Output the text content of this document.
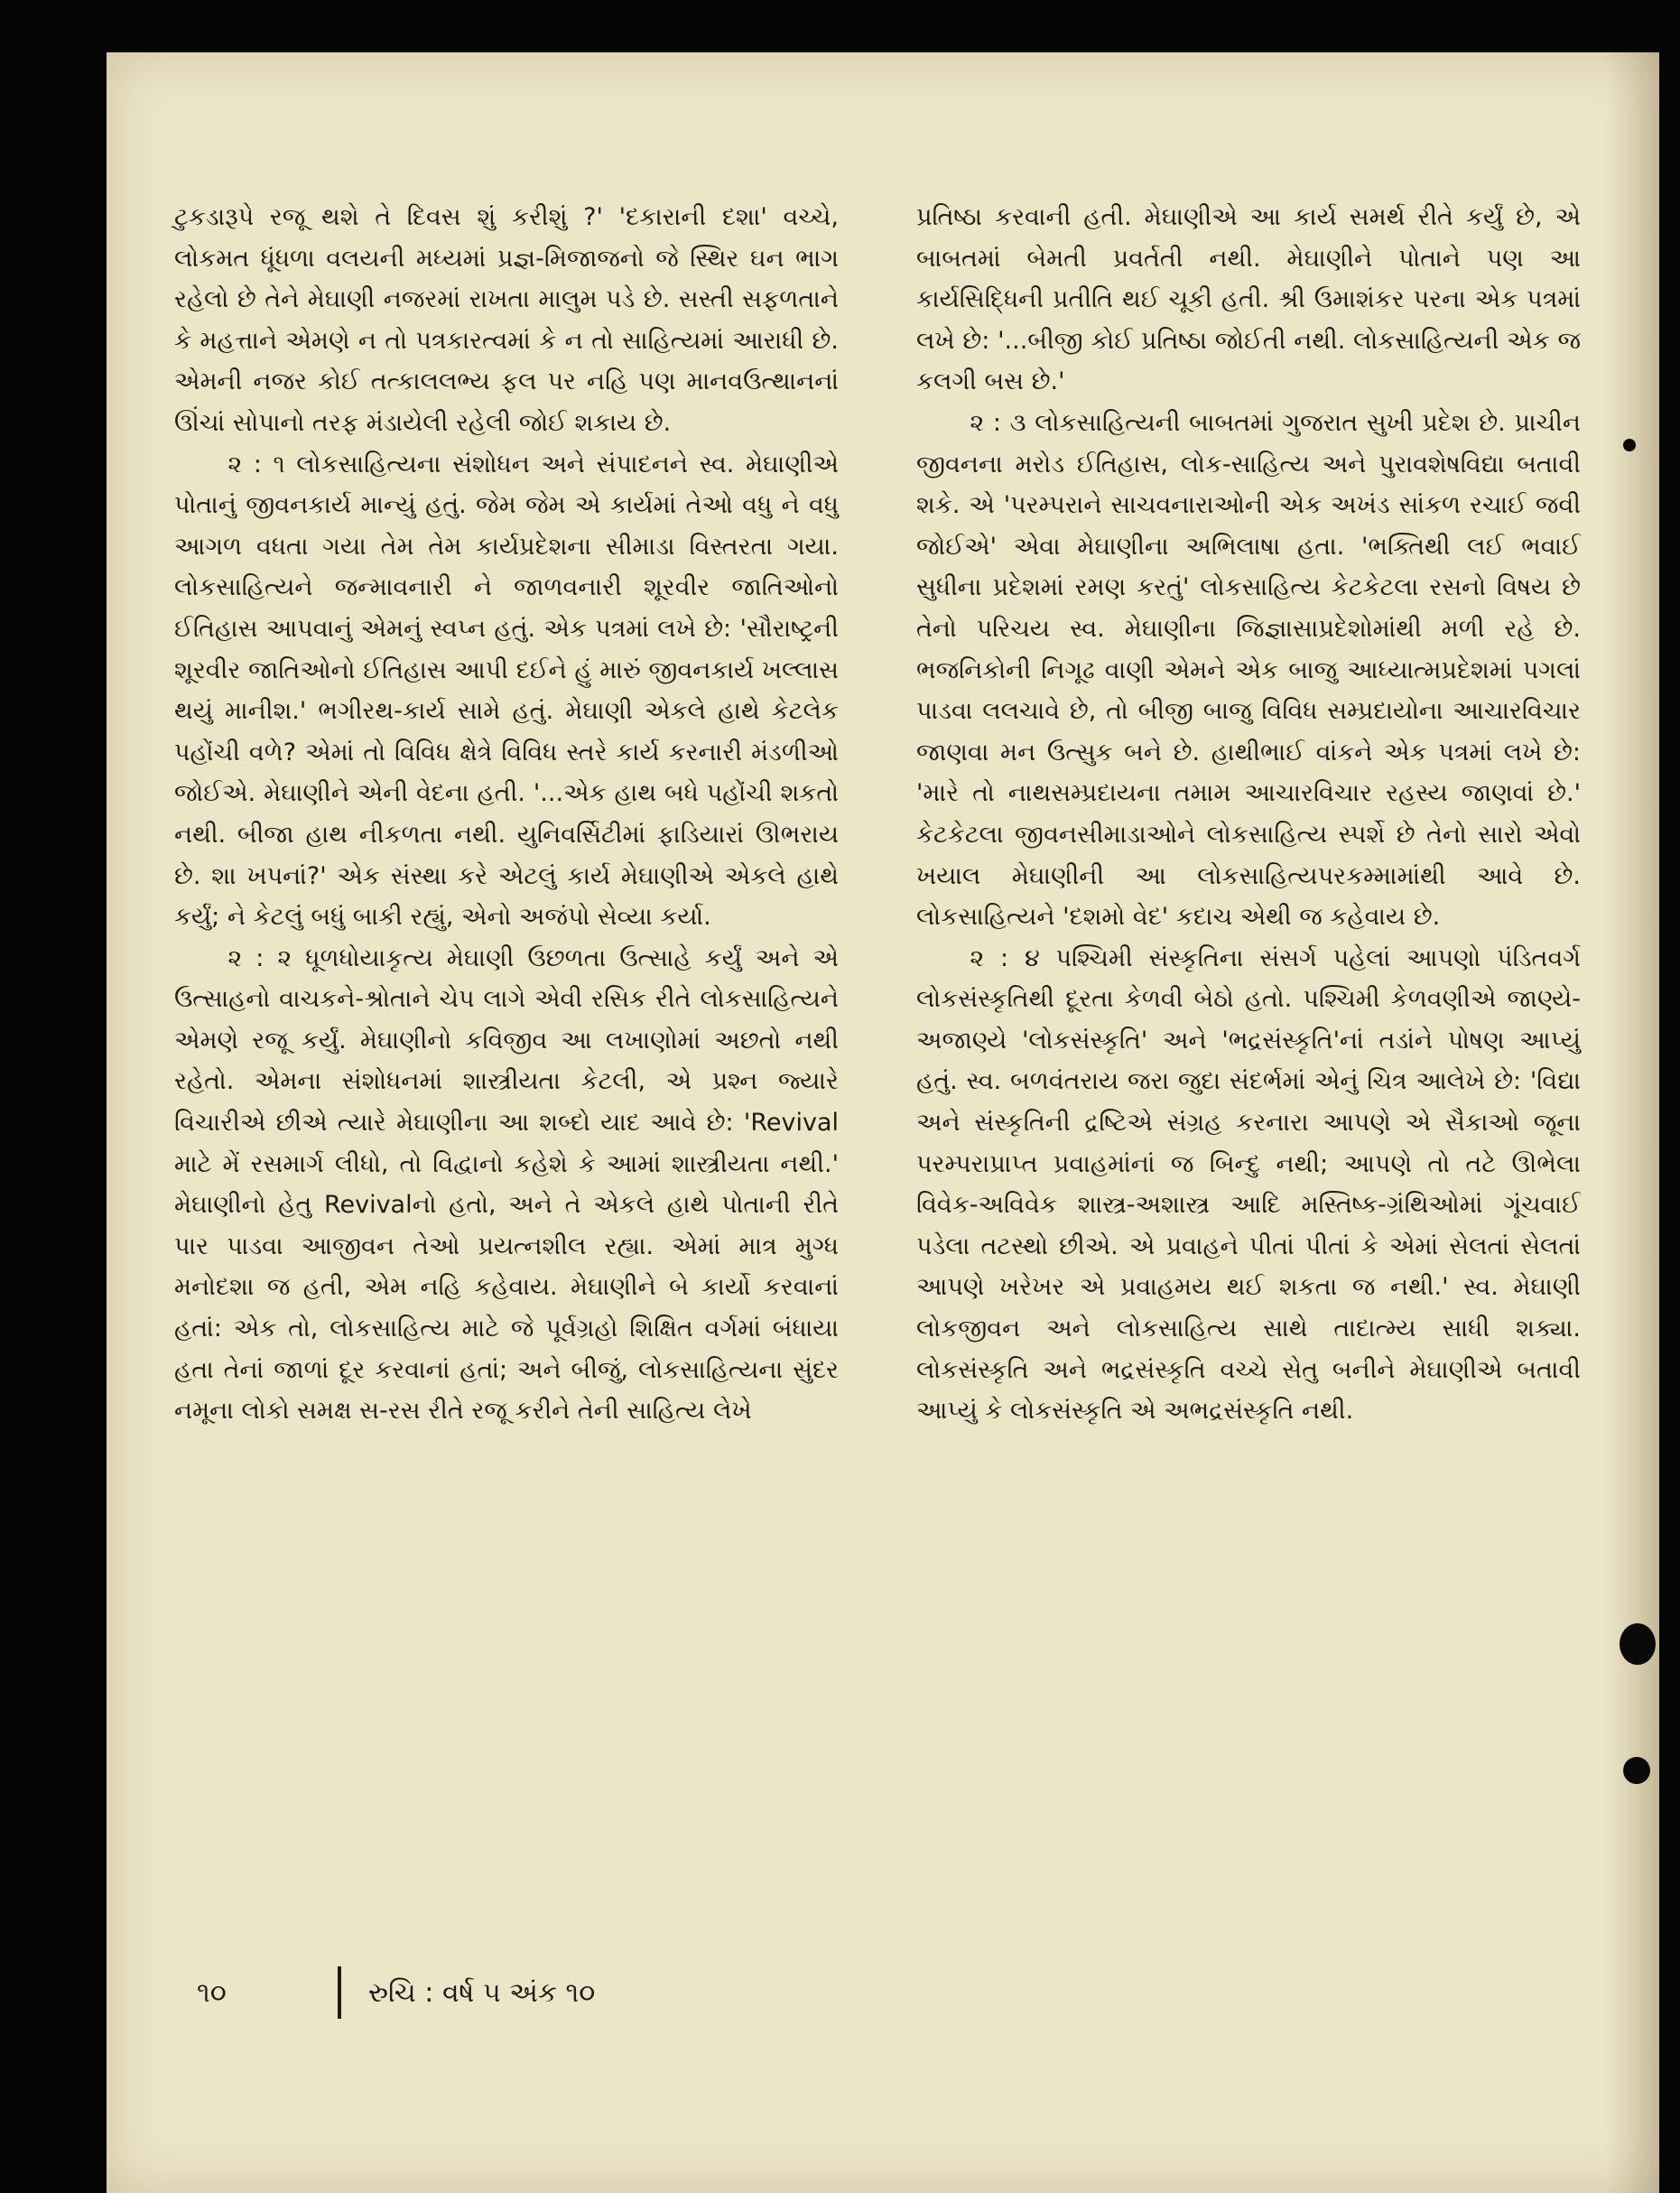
ટુકડારૂપે રજૂ થશે તે દિવસ શું કરીશું ?' 'દકારાની દશા' વચ્ચે, લોકમત ધૂંધળા વલયની મધ્યમાં પ્રજ્ઞ-મિજાજનો જે સ્થિર ઘન ભાગ રહેલો છે તેને મેઘાણી નજરમાં રાખતા માલુમ પડે છે. સસ્તી સફળતાને કે મહત્તાને એમણે ન તો પત્રકારત્વમાં કે ન તો સાહિત્યમાં આરાધી છે. એમની નજર કોઈ તત્કાલલભ્ય ફલ પર નહિ પણ માનવઉત્થાનનાં ઊંચાં સોપાનો તરફ મંડાયેલી રહેલી જોઈ શકાય છે.

૨ : ૧ લોકસાહિત્યના સંશોધન અને સંપાદનને સ્વ. મેઘાણીએ પોતાનું જીવનકાર્ય માન્યું હતું. જેમ જેમ એ કાર્યમાં તેઓ વધુ ને વધુ આગળ વધતા ગયા તેમ તેમ કાર્યપ્રદેશના સીમાડા વિસ્તરતા ગયા. લોકસાહિત્યને જન્માવનારી ને જાળવનારી શૂરવીર જાતિઓનો ઈતિહાસ આપવાનું એમનું સ્વપ્ન હતું. એક પત્રમાં લખે છે: 'સૌરાષ્ટ્રની શૂરવીર જાતિઓનો ઈતિહાસ આપી દઈને હું મારું જીવનકાર્ય ખલ્લાસ થયું માનીશ.' ભગીરથ-કાર્ય સામે હતું. મેઘાણી એકલે હાથે કેટલેક પહોંચી વળે? એમાં તો વિવિધ ક્ષેત્રે વિવિધ સ્તરે કાર્ય કરનારી મંડળીઓ જોઈએ. મેઘાણીને એની વેદના હતી. '...એક હાથ બધે પહોંચી શકતો નથી. બીજા હાથ નીકળતા નથી. યુનિવર્સિટીમાં ફાડિયારાં ઊભરાય છે. શા ખપનાં?' એક સંસ્થા કરે એટલું કાર્ય મેઘાણીએ એકલે હાથે કર્યું; ને કેટલું બધું બાકી રહ્યું, એનો અજંપો સેવ્યા કર્યા.

૨ : ૨ ધૂળધોયાકૃત્ય મેઘાણી ઉછળતા ઉત્સાહે કર્યું અને એ ઉત્સાહનો વાચકને-શ્રોતાને ચેપ લાગે એવી રસિક રીતે લોકસાહિત્યને એમણે રજૂ કર્યું. મેઘાણીનો કવિજીવ આ લખાણોમાં અછતો નથી રહેતો. એમના સંશોધનમાં શાસ્ત્રીયતા કેટલી, એ પ્રશ્ન જ્યારે વિચારીએ છીએ ત્યારે મેઘાણીના આ શબ્દો યાદ આવે છે: 'Revival માટે મેં રસમાર્ગ લીધો, તો વિદ્વાનો કહેશે કે આમાં શાસ્ત્રીયતા નથી.' મેઘાણીનો હેતુ Revivalનો હતો, અને તે એકલે હાથે પોતાની રીતે પાર પાડવા આજીવન તેઓ પ્રયત્નશીલ રહ્યા. એમાં માત્ર મુગ્ધ મનોદશા જ હતી, એમ નહિ કહેવાય. મેઘાણીને બે કાર્યો કરવાનાં હતાં: એક તો, લોકસાહિત્ય માટે જે પૂર્વગ્રહો શિક્ષિત વર્ગમાં બંધાયા હતા તેનાં જાળાં દૂર કરવાનાં હતાં; અને બીજું, લોકસાહિત્યના સુંદર નમૂના લોકો સમક્ષ સ-રસ રીતે રજૂ કરીને તેની સાહિત્ય લેખે

પ્રતિષ્ઠા કરવાની હતી. મેઘાણીએ આ કાર્ય સમર્થ રીતે કર્યું છે, એ બાબતમાં બેમતી પ્રવર્તતી નથી. મેઘાણીને પોતાને પણ આ કાર્યસિદ્ધિની પ્રતીતિ થઈ ચૂકી હતી. શ્રી ઉમાશંકર પરના એક પત્રમાં લખે છે: '...બીજી કોઈ પ્રતિષ્ઠા જોઈતી નથી. લોકસાહિત્યની એક જ કલગી બસ છે.'

૨ : ૩ લોકસાહિત્યની બાબતમાં ગુજરાત સુખી પ્રદેશ છે. પ્રાચીન જીવનના મરોડ ઈતિહાસ, લોક-સાહિત્ય અને પુરાવશેષવિદ્યા બતાવી શકે. એ 'પરમ્પરાને સાચવનારાઓની એક અખંડ સાંકળ રચાઈ જવી જોઈએ' એવા મેઘાણીના અભિલાષા હતા. 'ભક્તિથી લઈ ભવાઈ સુધીના પ્રદેશમાં રમણ કરતું' લોકસાહિત્ય કેટકેટલા રસનો વિષય છે તેનો પરિચય સ્વ. મેઘાણીના જિજ્ઞાસાપ્રદેશોમાંથી મળી રહે છે. ભજનિકોની નિગૂઢ વાણી એમને એક બાજુ આધ્યાત્મપ્રદેશમાં પગલાં પાડવા લલચાવે છે, તો બીજી બાજુ વિવિધ સમ્પ્રદાયોના આચારવિચાર જાણવા મન ઉત્સુક બને છે. હાથીભાઈ વાંકને એક પત્રમાં લખે છે: 'મારે તો નાથસમ્પ્રદાયના તમામ આચારવિચાર રહસ્ય જાણવાં છે.' કેટકેટલા જીવનસીમાડાઓને લોકસાહિત્ય સ્પર્શે છે તેનો સારો એવો ખયાલ મેઘાણીની આ લોકસાહિત્યપરકમ્મામાંથી આવે છે. લોકસાહિત્યને 'દશમો વેદ' કદાચ એથી જ કહેવાય છે.

૨ : ૪ પશ્ચિમી સંસ્કૃતિના સંસર્ગ પહેલાં આપણો પંડિતવર્ગ લોકસંસ્કૃતિથી દૂરતા કેળવી બેઠો હતો. પશ્ચિમી કેળવણીએ જાણ્યે-અજાણ્યે 'લોકસંસ્કૃતિ' અને 'ભદ્રસંસ્કૃતિ'નાં તડાંને પોષણ આપ્યું હતું. સ્વ. બળવંતરાય જરા જુદા સંદર્ભમાં એનું ચિત્ર આલેખે છે: 'વિદ્યા અને સંસ્કૃતિની દ્રષ્ટિએ સંગ્રહ કરનારા આપણે એ સૈકાઓ જૂના પરમ્પરાપ્રાપ્ત પ્રવાહમાંનાં જ બિન્દુ નથી; આપણે તો તટે ઊભેલા વિવેક-અવિવેક શાસ્ત્ર-અશાસ્ત્ર આદિ મસ્તિષ્ક-ગ્રંથિઓમાં ગૂંચવાઈ પડેલા તટસ્થો છીએ. એ પ્રવાહને પીતાં પીતાં કે એમાં સેલતાં સેલતાં આપણે ખરેખર એ પ્રવાહમય થઈ શકતા જ નથી.' સ્વ. મેઘાણી લોકજીવન અને લોકસાહિત્ય સાથે તાદાત્મ્ય સાધી શક્યા. લોકસંસ્કૃતિ અને ભદ્રસંસ્કૃતિ વચ્ચે સેતુ બનીને મેઘાણીએ બતાવી આપ્યું કે લોકસંસ્કૃતિ એ અભદ્રસંસ્કૃતિ નથી.

૧૦	રુચિ : વર્ષ ૫ અંક ૧૦
